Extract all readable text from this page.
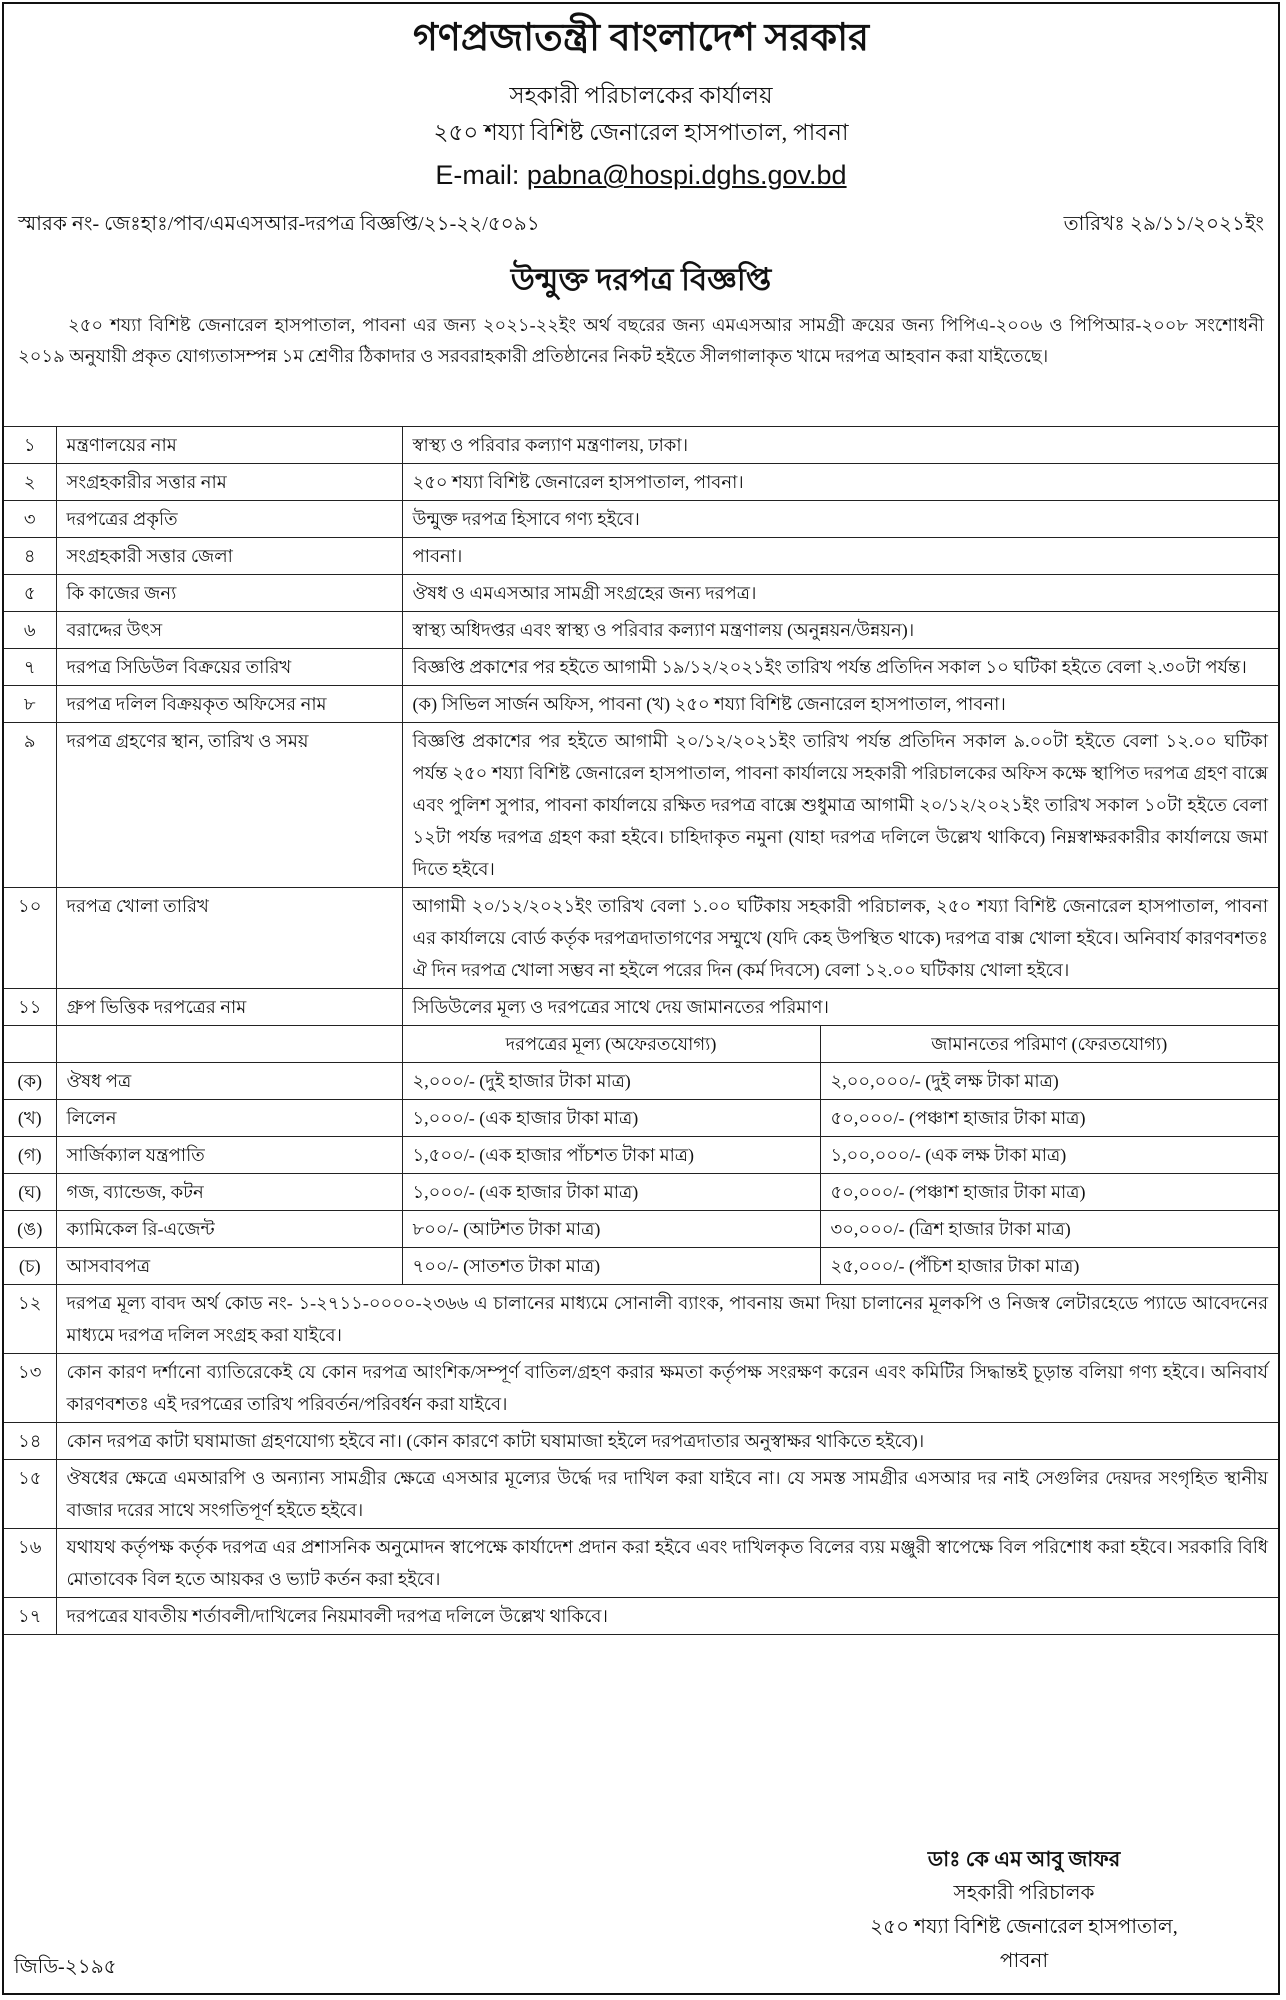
গণপ্রজাতন্ত্রী বাংলাদেশ সরকার
সহকারী পরিচালকের কার্যালয়
২৫০ শয্যা বিশিষ্ট জেনারেল হাসপাতাল, পাবনা
E-mail: pabna@hospi.dghs.gov.bd
স্মারক নং- জেঃহাঃ/পাব/এমএসআর-দরপত্র বিজ্ঞপ্তি/২১-২২/৫০৯১	তারিখঃ ২৯/১১/২০২১ইং
উন্মুক্ত দরপত্র বিজ্ঞপ্তি
২৫০ শয্যা বিশিষ্ট জেনারেল হাসপাতাল, পাবনা এর জন্য ২০২১-২২ইং অর্থ বছরের জন্য এমএসআর সামগ্রী ক্রয়ের জন্য পিপিএ-২০০৬ ও পিপিআর-২০০৮ সংশোধনী ২০১৯ অনুযায়ী প্রকৃত যোগ্যতাসম্পন্ন ১ম শ্রেণীর ঠিকাদার ও সরবরাহকারী প্রতিষ্ঠানের নিকট হইতে সীলগালাকৃত খামে দরপত্র আহবান করা যাইতেছে।
১	মন্ত্রণালয়ের নাম	স্বাস্থ্য ও পরিবার কল্যাণ মন্ত্রণালয়, ঢাকা।	
২	সংগ্রহকারীর সত্তার নাম	২৫০ শয্যা বিশিষ্ট জেনারেল হাসপাতাল, পাবনা।	
৩	দরপত্রের প্রকৃতি	উন্মুক্ত দরপত্র হিসাবে গণ্য হইবে।	
৪	সংগ্রহকারী সত্তার জেলা	পাবনা।	
৫	কি কাজের জন্য	ঔষধ ও এমএসআর সামগ্রী সংগ্রহের জন্য দরপত্র।	
৬	বরাদ্দের উৎস	স্বাস্থ্য অধিদপ্তর এবং স্বাস্থ্য ও পরিবার কল্যাণ মন্ত্রণালয় (অনুন্নয়ন/উন্নয়ন)।	
৭	দরপত্র সিডিউল বিক্রয়ের তারিখ	বিজ্ঞপ্তি প্রকাশের পর হইতে আগামী ১৯/১২/২০২১ইং তারিখ পর্যন্ত প্রতিদিন সকাল ১০ ঘটিকা হইতে বেলা ২.৩০টা পর্যন্ত।	
৮	দরপত্র দলিল বিক্রয়কৃত অফিসের নাম	(ক) সিভিল সার্জন অফিস, পাবনা (খ) ২৫০ শয্যা বিশিষ্ট জেনারেল হাসপাতাল, পাবনা।	
৯	দরপত্র গ্রহণের স্থান, তারিখ ও সময়	বিজ্ঞপ্তি প্রকাশের পর হইতে আগামী ২০/১২/২০২১ইং তারিখ পর্যন্ত প্রতিদিন সকাল ৯.০০টা হইতে বেলা ১২.০০ ঘটিকা পর্যন্ত ২৫০ শয্যা বিশিষ্ট জেনারেল হাসপাতাল, পাবনা কার্যালয়ে সহকারী পরিচালকের অফিস কক্ষে স্থাপিত দরপত্র গ্রহণ বাক্সে এবং পুলিশ সুপার, পাবনা কার্যালয়ে রক্ষিত দরপত্র বাক্সে শুধুমাত্র আগামী ২০/১২/২০২১ইং তারিখ সকাল ১০টা হইতে বেলা ১২টা পর্যন্ত দরপত্র গ্রহণ করা হইবে। চাহিদাকৃত নমুনা (যাহা দরপত্র দলিলে উল্লেখ থাকিবে) নিম্নস্বাক্ষরকারীর কার্যালয়ে জমা দিতে হইবে।	
১০	দরপত্র খোলা তারিখ	আগামী ২০/১২/২০২১ইং তারিখ বেলা ১.০০ ঘটিকায় সহকারী পরিচালক, ২৫০ শয্যা বিশিষ্ট জেনারেল হাসপাতাল, পাবনা এর কার্যালয়ে বোর্ড কর্তৃক দরপত্রদাতাগণের সম্মুখে (যদি কেহ উপস্থিত থাকে) দরপত্র বাক্স খোলা হইবে। অনিবার্য কারণবশতঃ ঐ দিন দরপত্র খোলা সম্ভব না হইলে পরের দিন (কর্ম দিবসে) বেলা ১২.০০ ঘটিকায় খোলা হইবে।	
১১	গ্রুপ ভিত্তিক দরপত্রের নাম	সিডিউলের মূল্য ও দরপত্রের সাথে দেয় জামানতের পরিমাণ।	
		দরপত্রের মূল্য (অফেরতযোগ্য)	জামানতের পরিমাণ (ফেরতযোগ্য)
(ক)	ঔষধ পত্র	২,০০০/- (দুই হাজার টাকা মাত্র)	২,০০,০০০/- (দুই লক্ষ টাকা মাত্র)
(খ)	লিলেন	১,০০০/- (এক হাজার টাকা মাত্র)	৫০,০০০/- (পঞ্চাশ হাজার টাকা মাত্র)
(গ)	সার্জিক্যাল যন্ত্রপাতি	১,৫০০/- (এক হাজার পাঁচশত টাকা মাত্র)	১,০০,০০০/- (এক লক্ষ টাকা মাত্র)
(ঘ)	গজ, ব্যান্ডেজ, কটন	১,০০০/- (এক হাজার টাকা মাত্র)	৫০,০০০/- (পঞ্চাশ হাজার টাকা মাত্র)
(ঙ)	ক্যামিকেল রি-এজেন্ট	৮০০/- (আটশত টাকা মাত্র)	৩০,০০০/- (ত্রিশ হাজার টাকা মাত্র)
(চ)	আসবাবপত্র	৭০০/- (সাতশত টাকা মাত্র)	২৫,০০০/- (পঁচিশ হাজার টাকা মাত্র)
১২	দরপত্র মূল্য বাবদ অর্থ কোড নং- ১-২৭১১-০০০০-২৩৬৬ এ চালানের মাধ্যমে সোনালী ব্যাংক, পাবনায় জমা দিয়া চালানের মূলকপি ও নিজস্ব লেটারহেডে প্যাডে আবেদনের মাধ্যমে দরপত্র দলিল সংগ্রহ করা যাইবে।		
১৩	কোন কারণ দর্শানো ব্যাতিরেকেই যে কোন দরপত্র আংশিক/সম্পূর্ণ বাতিল/গ্রহণ করার ক্ষমতা কর্তৃপক্ষ সংরক্ষণ করেন এবং কমিটির সিদ্ধান্তই চূড়ান্ত বলিয়া গণ্য হইবে। অনিবার্য কারণবশতঃ এই দরপত্রের তারিখ পরিবর্তন/পরিবর্ধন করা যাইবে।		
১৪	কোন দরপত্র কাটা ঘষামাজা গ্রহণযোগ্য হইবে না। (কোন কারণে কাটা ঘষামাজা হইলে দরপত্রদাতার অনুস্বাক্ষর থাকিতে হইবে)।		
১৫	ঔষধের ক্ষেত্রে এমআরপি ও অন্যান্য সামগ্রীর ক্ষেত্রে এসআর মূল্যের উর্দ্ধে দর দাখিল করা যাইবে না। যে সমস্ত সামগ্রীর এসআর দর নাই সেগুলির দেয়দর সংগৃহিত স্থানীয় বাজার দরের সাথে সংগতিপূর্ণ হইতে হইবে।		
১৬	যথাযথ কর্তৃপক্ষ কর্তৃক দরপত্র এর প্রশাসনিক অনুমোদন স্বাপেক্ষে কার্যাদেশ প্রদান করা হইবে এবং দাখিলকৃত বিলের ব্যয় মঞ্জুরী স্বাপেক্ষে বিল পরিশোধ করা হইবে। সরকারি বিধি মোতাবেক বিল হতে আয়কর ও ভ্যাট কর্তন করা হইবে।		
১৭	দরপত্রের যাবতীয় শর্তাবলী/দাখিলের নিয়মাবলী দরপত্র দলিলে উল্লেখ থাকিবে।		
ডাঃ কে এম আবু জাফর
সহকারী পরিচালক
২৫০ শয্যা বিশিষ্ট জেনারেল হাসপাতাল, পাবনা
জিডি-২১৯৫
